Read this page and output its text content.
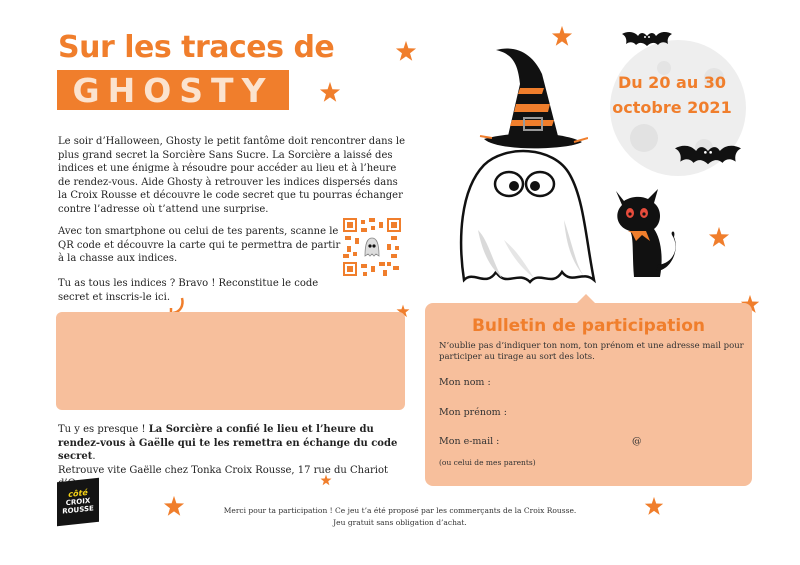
Sur les traces de
GHOSTY	Du 20 au 30
octobre 2021
Le soir d’Halloween, Ghosty le petit fantôme doit rencontrer dans le plus grand secret la Sorcière Sans Sucre. La Sorcière a laissé des indices et une énigme à résoudre pour accéder au lieu et à l’heure de rendez-vous. Aide Ghosty à retrouver les indices dispersés dans la Croix Rousse et découvre le code secret que tu pourras échanger contre l’adresse où t’attend une surprise.
Avec ton smartphone ou celui de tes parents, scanne le QR code et découvre la carte qui te permettra de partir à la chasse aux indices.
Tu as tous les indices ? Bravo ! Reconstitue le code secret et inscris-le ici.
Tu y es presque ! La Sorcière a confié le lieu et l’heure du rendez-vous à Gaëlle qui te les remettra en échange du code secret.
Retrouve vite Gaëlle chez Tonka Croix Rousse, 17 rue du Chariot
Bulletin de participation
N’oublie pas d’indiquer ton nom, ton prénom et une adresse mail pour participer au tirage au sort des lots.
Mon nom :
Mon prénom :
Mon e-mail :	@
(ou celui de mes parents)
côté
CROIX
ROUSSE	Merci pour ta participation ! Ce jeu t’a été proposé par les commerçants de la Croix Rousse.
Jeu gratuit sans obligation d’achat.
